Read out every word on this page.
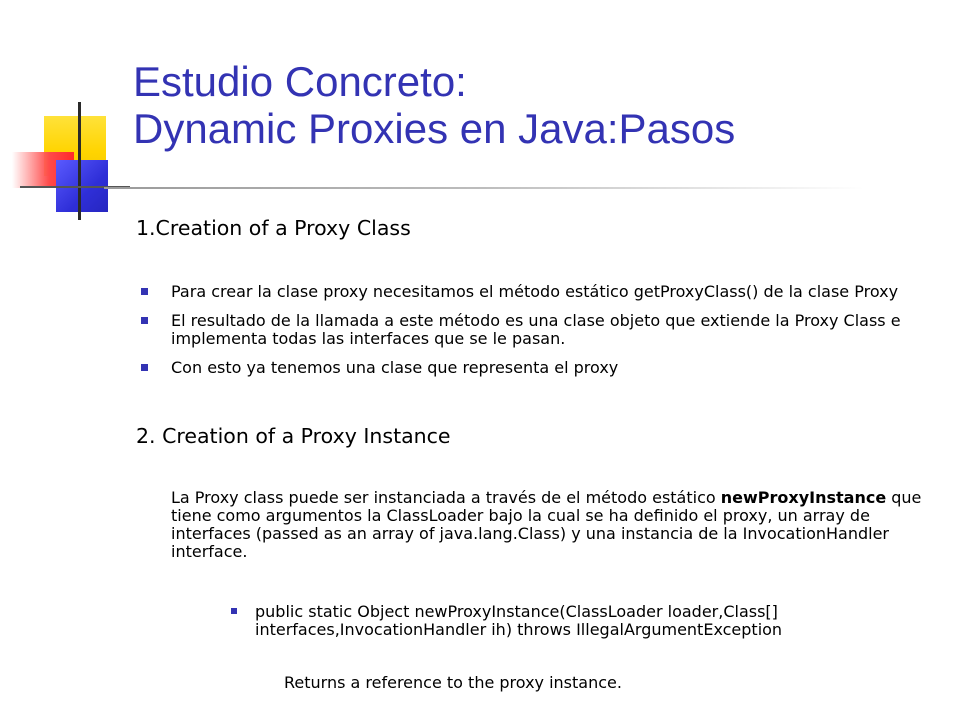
Estudio Concreto:
Dynamic Proxies en Java:Pasos
1.Creation of a Proxy Class
Para crear la clase proxy necesitamos el método estático getProxyClass() de la clase Proxy
El resultado de la llamada a este método es una clase objeto que extiende la Proxy Class e implementa todas las interfaces que se le pasan.
Con esto ya tenemos una clase que representa el proxy
2. Creation of a Proxy Instance

La Proxy class puede ser instanciada a través de el método estático newProxyInstance que tiene como argumentos la ClassLoader bajo la cual se ha definido el proxy, un array de interfaces (passed as an array of java.lang.Class) y una instancia de la InvocationHandler interface.

public static Object newProxyInstance(ClassLoader loader,Class[] interfaces,InvocationHandler ih) throws IllegalArgumentException
Returns a reference to the proxy instance.
